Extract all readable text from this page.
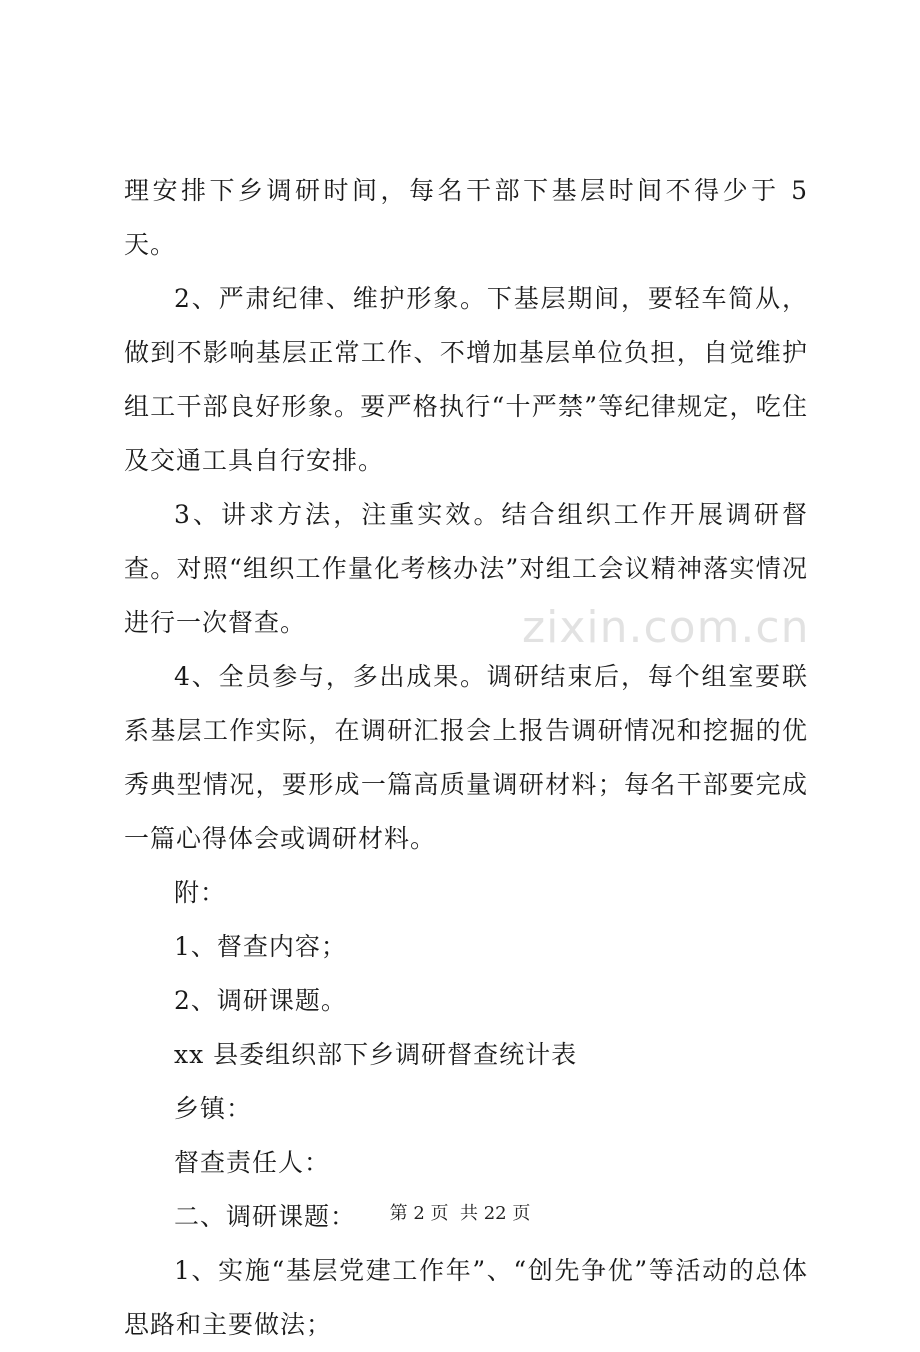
理安排下乡调研时间，每名干部下基层时间不得少于 5 天。

2、严肃纪律、维护形象。下基层期间，要轻车简从，做到不影响基层正常工作、不增加基层单位负担，自觉维护组工干部良好形象。要严格执行“十严禁”等纪律规定，吃住及交通工具自行安排。

3、讲求方法，注重实效。结合组织工作开展调研督查。对照“组织工作量化考核办法”对组工会议精神落实情况进行一次督查。

4、全员参与，多出成果。调研结束后，每个组室要联系基层工作实际，在调研汇报会上报告调研情况和挖掘的优秀典型情况，要形成一篇高质量调研材料；每名干部要完成一篇心得体会或调研材料。

附：

1、督查内容；

2、调研课题。

xx 县委组织部下乡调研督查统计表

乡镇：

督查责任人：

二、调研课题：

1、实施“基层党建工作年”、“创先争优”等活动的总体思路和主要做法；

zixin.com.cn
第 2 页  共 22 页
